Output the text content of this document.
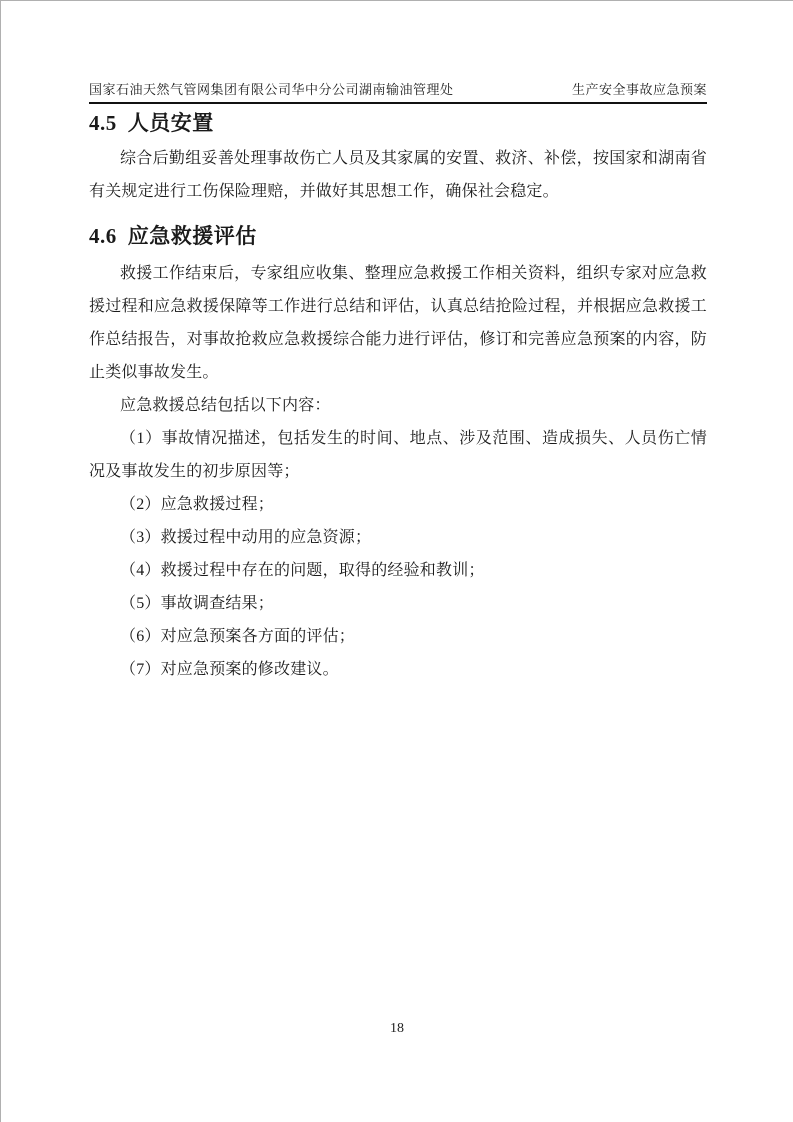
国家石油天然气管网集团有限公司华中分公司湖南输油管理处	生产安全事故应急预案
4.5 人员安置

综合后勤组妥善处理事故伤亡人员及其家属的安置、救济、补偿，按国家和湖南省有关规定进行工伤保险理赔，并做好其思想工作，确保社会稳定。

4.6 应急救援评估

救援工作结束后，专家组应收集、整理应急救援工作相关资料，组织专家对应急救援过程和应急救援保障等工作进行总结和评估，认真总结抢险过程，并根据应急救援工作总结报告，对事故抢救应急救援综合能力进行评估，修订和完善应急预案的内容，防止类似事故发生。

应急救援总结包括以下内容：

（1）事故情况描述，包括发生的时间、地点、涉及范围、造成损失、人员伤亡情况及事故发生的初步原因等；

（2）应急救援过程；

（3）救援过程中动用的应急资源；

（4）救援过程中存在的问题，取得的经验和教训；

（5）事故调查结果；

（6）对应急预案各方面的评估；

（7）对应急预案的修改建议。

18
